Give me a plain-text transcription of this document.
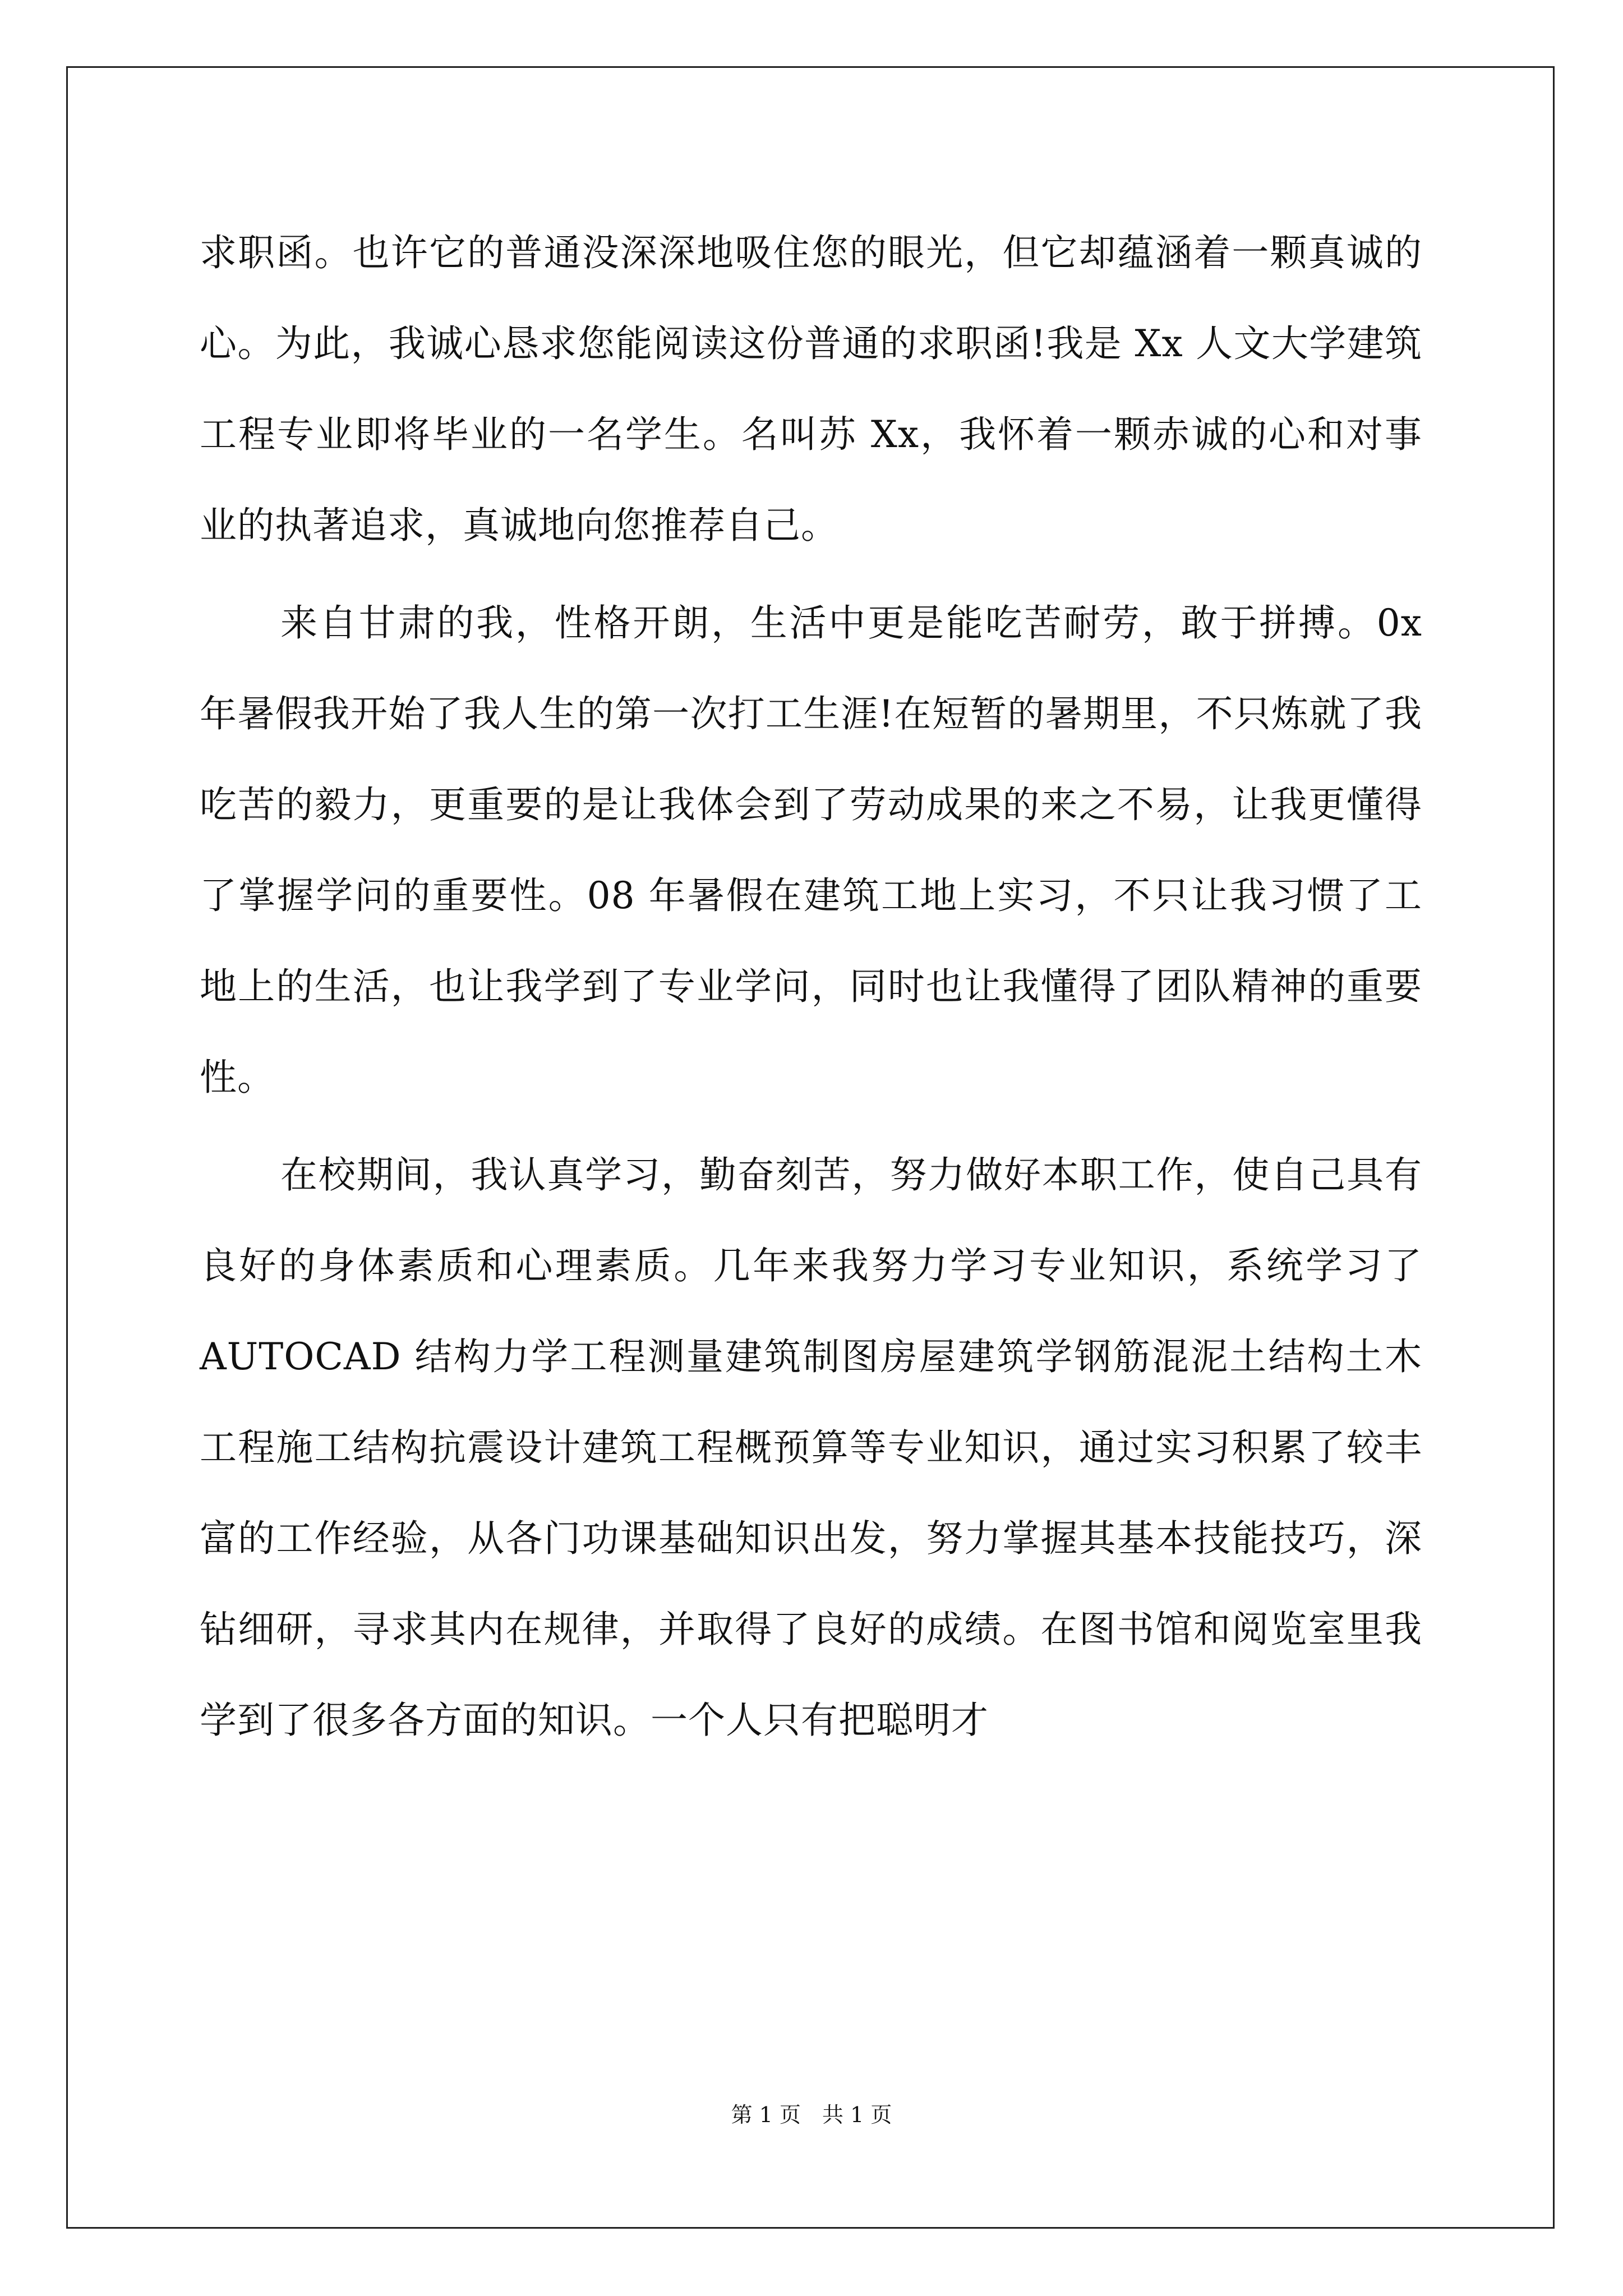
求职函。也许它的普通没深深地吸住您的眼光，但它却蕴涵着一颗真诚的心。为此，我诚心恳求您能阅读这份普通的求职函!我是 Xx 人文大学建筑工程专业即将毕业的一名学生。名叫苏 Xx，我怀着一颗赤诚的心和对事业的执著追求，真诚地向您推荐自己。

来自甘肃的我，性格开朗，生活中更是能吃苦耐劳，敢于拼搏。0x 年暑假我开始了我人生的第一次打工生涯!在短暂的暑期里，不只炼就了我吃苦的毅力，更重要的是让我体会到了劳动成果的来之不易，让我更懂得了掌握学问的重要性。08 年暑假在建筑工地上实习，不只让我习惯了工地上的生活，也让我学到了专业学问，同时也让我懂得了团队精神的重要性。

在校期间，我认真学习，勤奋刻苦，努力做好本职工作，使自己具有良好的身体素质和心理素质。几年来我努力学习专业知识，系统学习了 AUTOCAD 结构力学工程测量建筑制图房屋建筑学钢筋混泥土结构土木工程施工结构抗震设计建筑工程概预算等专业知识，通过实习积累了较丰富的工作经验，从各门功课基础知识出发，努力掌握其基本技能技巧，深钻细研，寻求其内在规律，并取得了良好的成绩。在图书馆和阅览室里我学到了很多各方面的知识。一个人只有把聪明才

第 1 页　共 1 页
